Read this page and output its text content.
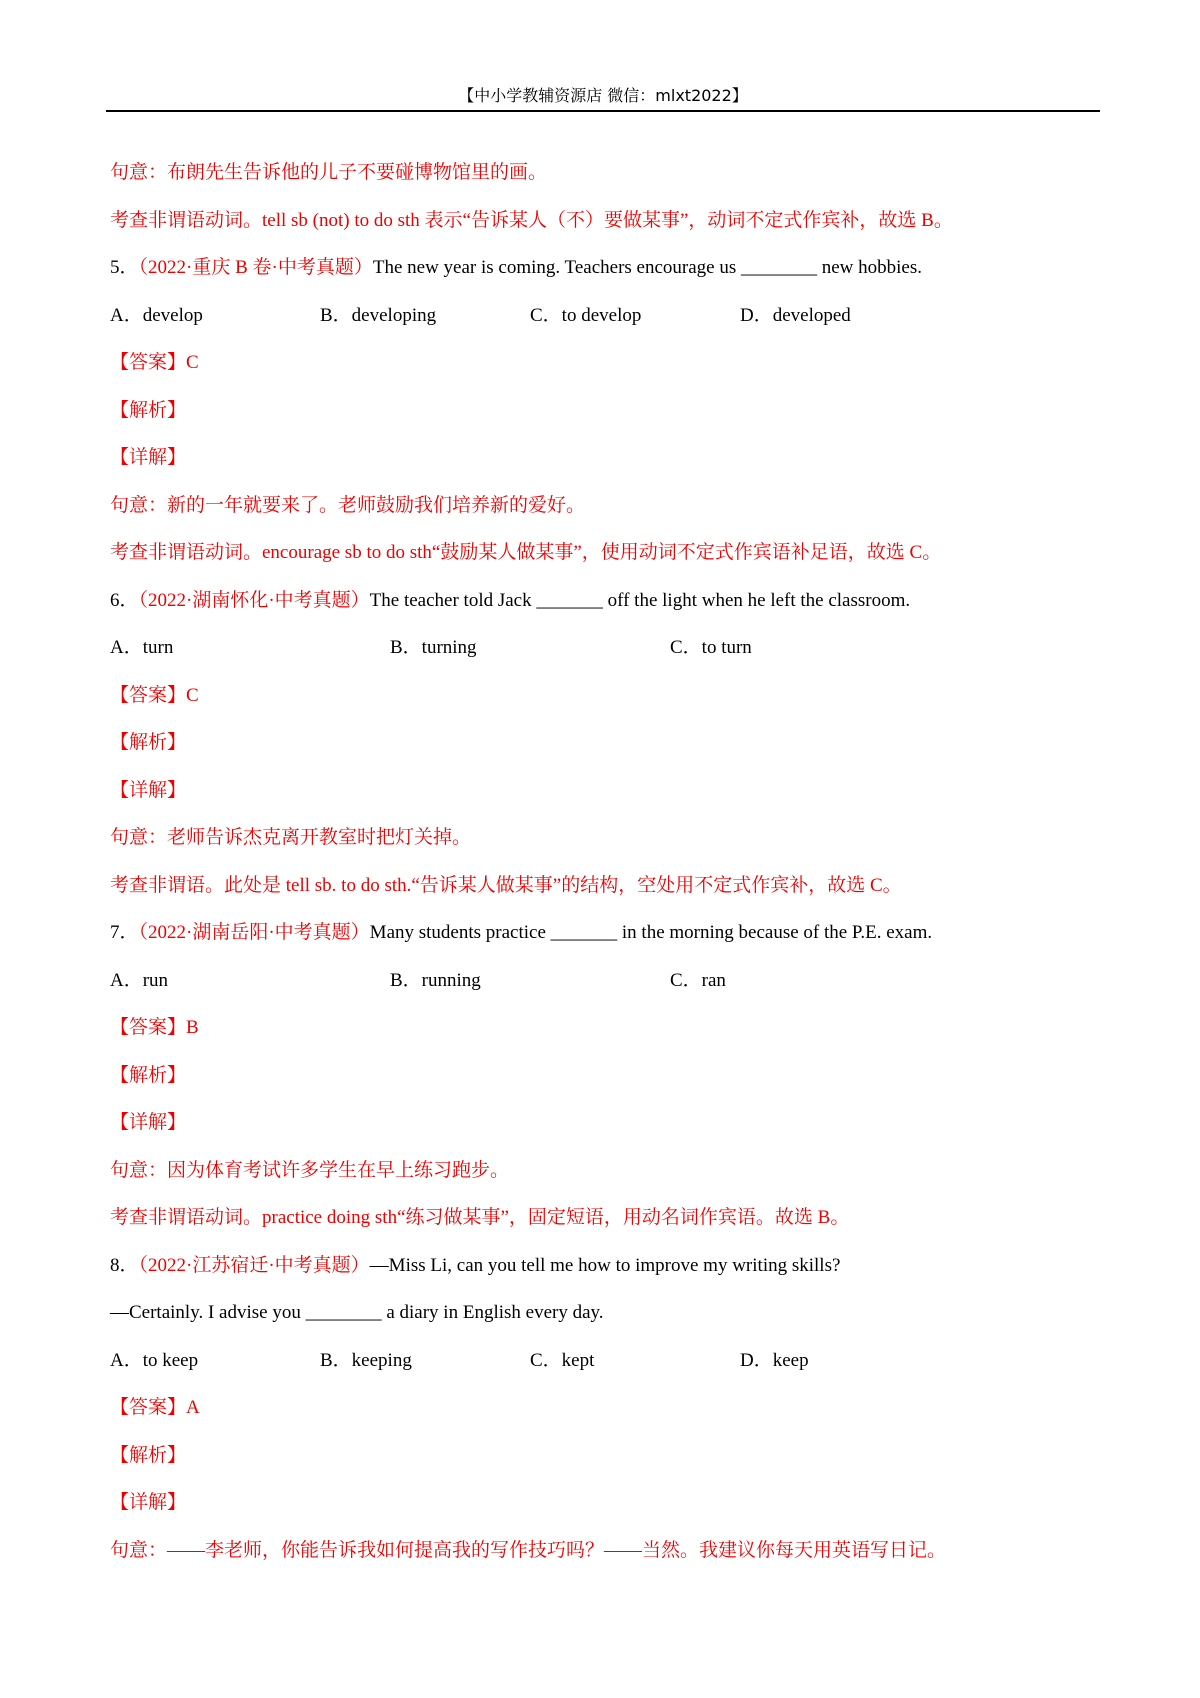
【中小学教辅资源店 微信：mlxt2022】
句意：布朗先生告诉他的儿子不要碰博物馆里的画。
考查非谓语动词。tell sb (not) to do sth 表示“告诉某人（不）要做某事”，动词不定式作宾补，故选 B。
5．（2022·重庆 B 卷·中考真题）The new year is coming. Teachers encourage us ________ new hobbies.
A．develop	B．developing	C．to develop	D．developed
【答案】C
【解析】
【详解】
句意：新的一年就要来了。老师鼓励我们培养新的爱好。
考查非谓语动词。encourage sb to do sth“鼓励某人做某事”，使用动词不定式作宾语补足语，故选 C。
6．（2022·湖南怀化·中考真题）The teacher told Jack _______ off the light when he left the classroom.
A．turn	B．turning	C．to turn
【答案】C
【解析】
【详解】
句意：老师告诉杰克离开教室时把灯关掉。
考查非谓语。此处是 tell sb. to do sth.“告诉某人做某事”的结构，空处用不定式作宾补，故选 C。
7．（2022·湖南岳阳·中考真题）Many students practice _______ in the morning because of the P.E. exam.
A．run	B．running	C．ran
【答案】B
【解析】
【详解】
句意：因为体育考试许多学生在早上练习跑步。
考查非谓语动词。practice doing sth“练习做某事”，固定短语，用动名词作宾语。故选 B。
8．（2022·江苏宿迁·中考真题）—Miss Li, can you tell me how to improve my writing skills?
—Certainly. I advise you ________ a diary in English every day.
A．to keep	B．keeping	C．kept	D．keep
【答案】A
【解析】
【详解】
句意：——李老师，你能告诉我如何提高我的写作技巧吗？——当然。我建议你每天用英语写日记。
